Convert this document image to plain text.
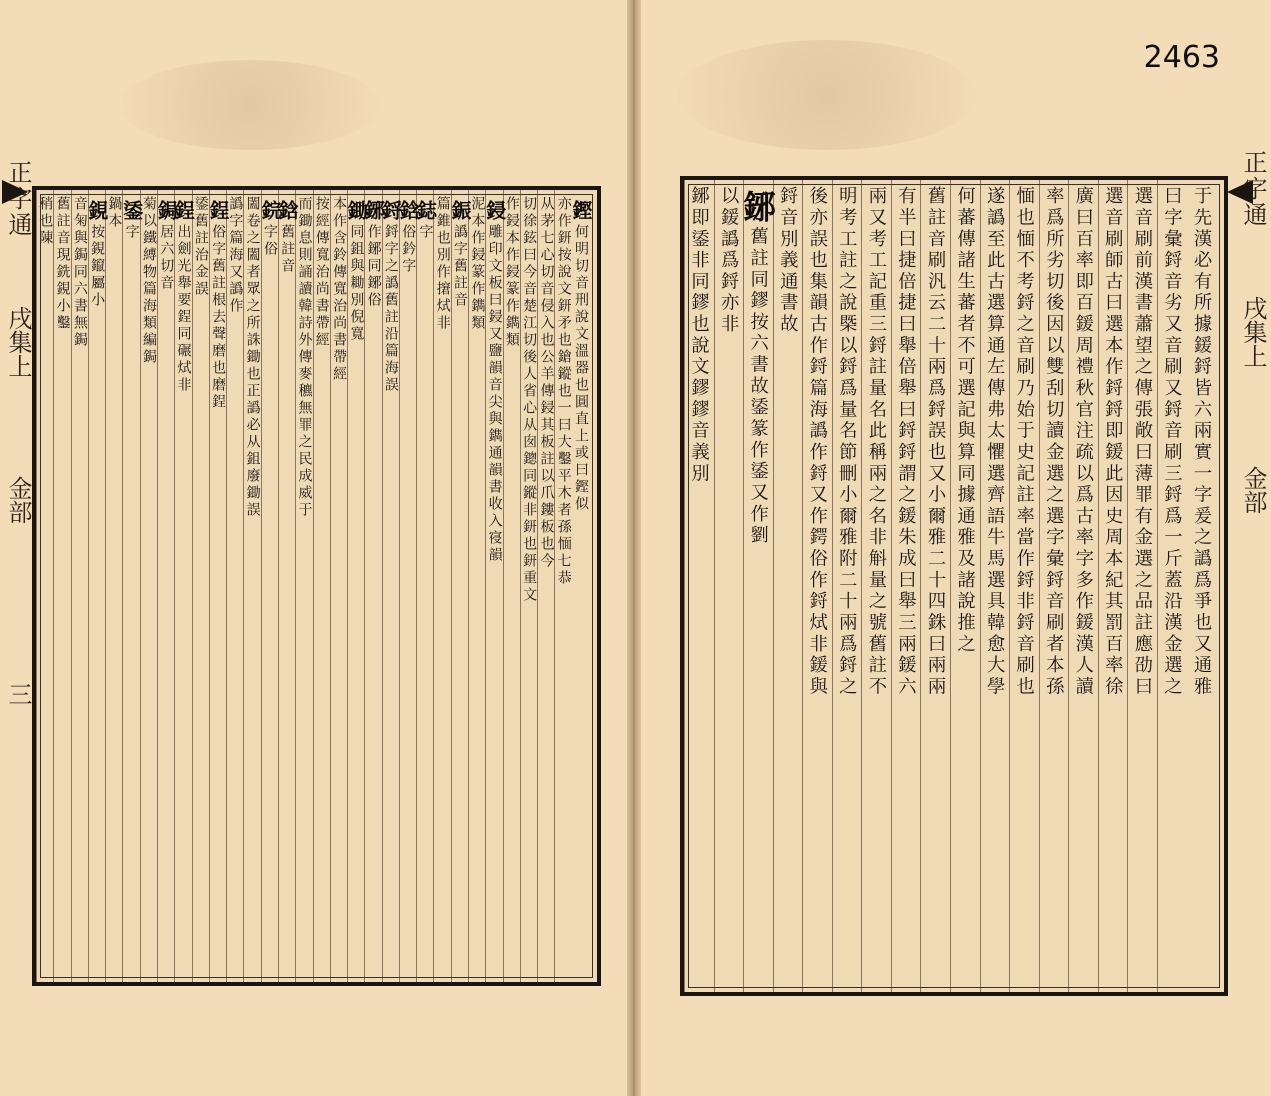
鏗何明切音刑說文溫器也圓直上或曰鏗似
亦作鈃按說文鈃矛也鎗鏦也一曰大鑿平木者孫愐七恭
从茅七心切音侵入也公羊傳鋟其板註以爪鏤板也今
切徐鉉曰今音楚江切後人省心从囱鏓同鏦非鈃也鈃重文
作鋟本作鋟篆作鐫類
鋟雕印文板曰鋟又鹽韻音尖與鐫通韻書收入寑韻
泥本作鋟篆作鐫類
鋠譌字舊註音
篇錐也別作㩈烒非
鋕字
鋡俗鈐字
鋝鋝字之譌舊註沿篇海誤
鋣作鋣同鋣俗
鋤同鉏與耡別倪寬
本作含鈴傳寬治尚書帶經
按經傳寬治尚書帶經
而鋤息則誦讀韓詩外傳麥穮無罪之民成威于
鋡舊註音
鋎字俗
闔卷之闔者眾之所誅鋤也正譌必从鉏廢鋤誤
譌字篇海又譌作
鋥俗字舊註根去聲磨也磨鋥
鋈舊註治金誤
鋥出劍光舉要鋥同碾烒非
鋦居六切音
菊以鐵縛物篇海類編鋦
鋈字
鍋本
鋧按鋧鑹屬小
音匊與鋦同六書無鋦
舊註音現銑鋧小鑿
稍也陳
正字通 戌集上 金部 三	于先漢必有所據鍰鋝皆六兩實一字爰之譌爲爭也又通雅
曰字彙鋝音劣又音刷又鋝音刷三鋝爲一斤蓋沿漢金選之
選音刷前漢書蕭望之傳張敞曰薄罪有金選之品註應劭曰
選音刷師古曰選本作鋝鋝即鍰此因史周本紀其罰百率徐
廣曰百率即百鍰周禮秋官注疏以爲古率字多作鍰漢人讀
率爲所劣切後因以雙刮切讀金選之選字彙鋝音刷者本孫
愐也愐不考鋝之音刷乃始于史記註率當作鋝非鋝音刷也
遂譌至此古選算通左傳弗太懼選齊語牛馬選具韓愈大學
何蕃傳諸生蕃者不可選記與算同據通雅及諸說推之
舊註音刷汎云二十兩爲鋝誤也又小爾雅二十四銖曰兩兩
有半曰捷倍捷曰舉倍舉曰鋝鋝謂之鍰朱成曰舉三兩鍰六
兩又考工記重三鋝註量名此稱兩之名非斛量之號舊註不
明考工註之說槩以鋝爲量名節刪小爾雅附二十兩爲鋝之
後亦誤也集韻古作鋝篇海譌作鋝又作鍔俗作鋝烒非鍰與
鋝音別義通書故
鋣舊註同鏐按六書故鋈篆作鋈又作劉
以鍰譌爲鋝亦非
鋣即鋈非同鏐也說文鏐鏐音義別	正字通 戌集上 金部
2463
